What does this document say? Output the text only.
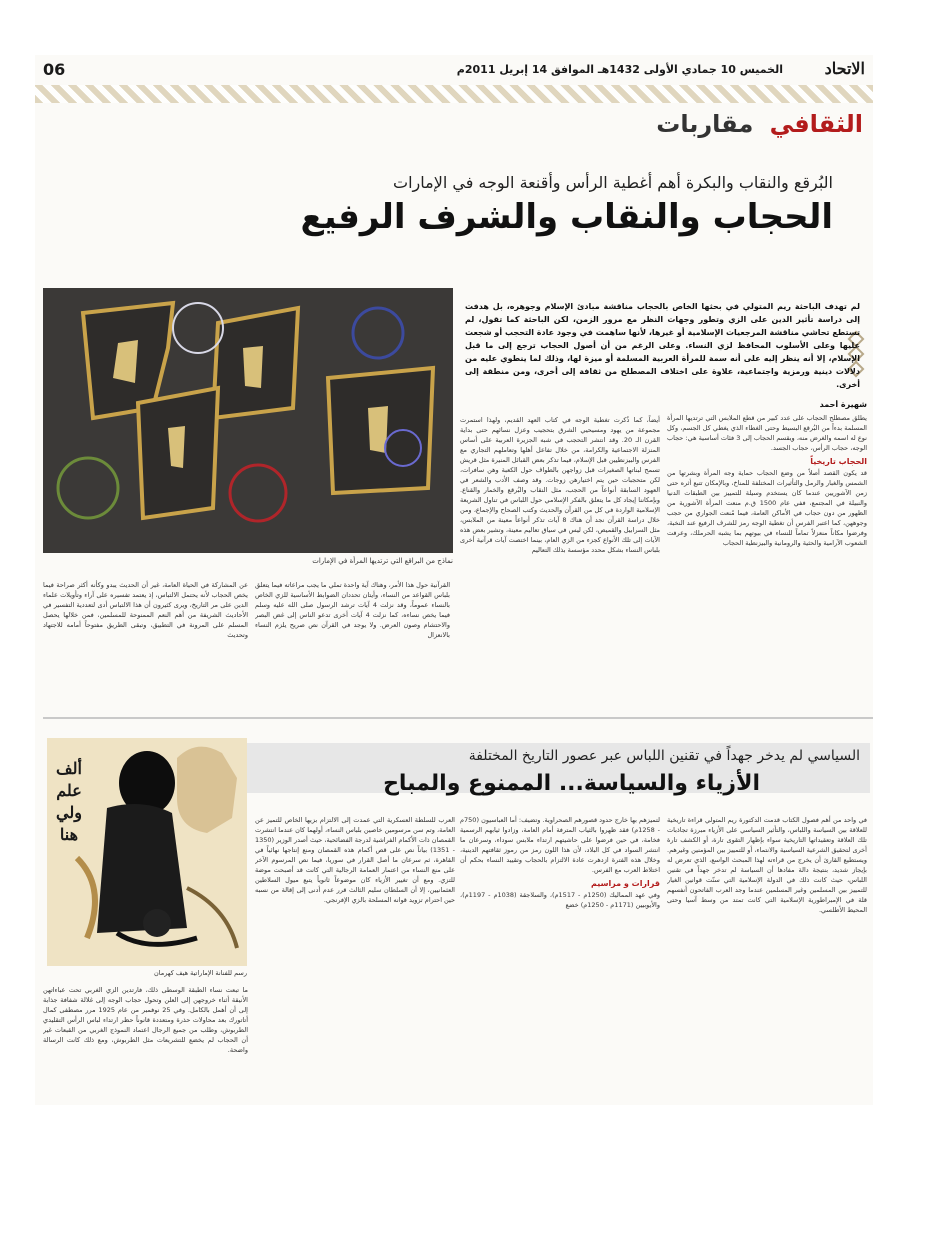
06	الخميس 10 جمادي الأولى 1432هـ الموافق 14 إبريل 2011م	الاتحاد
الثقافي مقاربات
البُرقع والنقاب والبكرة أهم أغطية الرأس وأقنعة الوجه في الإمارات
الحجاب والنقاب والشرف الرفيع
نماذج من البراقع التي ترتديها المرأة في الإمارات
لم تهدف الباحثة ريم المتولي في بحثها الخاص بالحجاب مناقشة مبادئ الإسلام وجوهره، بل هدفت إلى دراسة تأثير الدين على الزي وتطور وجهات النظر مع مرور الزمن، لكن الباحثة كما تقول، لم تستطع تحاشي مناقشة المرجعيات الإسلامية أو غيرها، لأنها ساهمت في وجود عادة التحجب أو شجعت عليها وعلى الأسلوب المحافظ لزي النساء. وعلى الرغم من أن أصول الحجاب ترجع إلى ما قبل الإسلام، إلا أنه ينظر إليه على أنه سمة للمرأة العربية المسلمة أو ميزة لها، وذلك لما ينطوي عليه من دلالات دينية ورمزية واجتماعية، علاوة على اختلاف المصطلح من ثقافة إلى أخرى، ومن منطقة إلى أخرى.
شهيرة أحمد
يطلق مصطلح الحجاب على عدد كبير من قطع الملابس التي ترتديها المرأة المسلمة بدءاً من البُرقع البسيط وحتى الغطاء الذي يغطي كل الجسم، وكل نوع له اسمه والغرض منه، ويقسم الحجاب إلى 3 فئات أساسية هي: حجاب الوجه، حجاب الرأس، حجاب الجسد.
الحجاب تاريخياً
قد يكون القصد أصلاً من وضع الحجاب حماية وجه المرأة وبشرتها من الشمس والغبار والرمل والتأثيرات المختلفة للمناخ، وبالإمكان تتبع أثره حتى زمن الآشوريين عندما كان يستخدم وسيلة للتمييز بين الطبقات الدنيا والنبيلة في المجتمع، ففي عام 1500 ق.م منعت المرأة الآشورية من الظهور من دون حجاب في الأماكن العامة، فيما مُنعت الجواري من حجب وجوههن، كما اعتبر الفرس أن تغطية الوجه رمز للشرف الرفيع عند النخبة، وفرضوا مكاناً منعزلاً تماماً للنساء في بيوتهم بما يشبه الحرملك، وعرفت الشعوب الآرامية والحثية والرومانية والبيزنطية الحجاب
أيضاً، كما ذُكرت تغطية الوجه في كتاب العهد القديم، ولهذا استمرت مجموعة من يهود ومسيحيي الشرق بتحجيب وعزل نسائهم حتى بداية القرن الـ 20. وقد انتشر التحجب في شبه الجزيرة العربية على أساس المنزلة الاجتماعية والكرامة، من خلال تفاعل أهلها وتعاملهم التجاري مع الفرس والبيزنطيين قبل الإسلام، فيما تذكر بعض القبائل المنيرة مثل قريش تسمح لبناتها الصغيرات قبل زواجهن بالطواف حول الكعبة وهن سافرات، لكن متحجبات حين يتم اختيارهن زوجات. وقد وصف الأدب والشعر في العهود السابقة أنواعاً من الحجب، مثل النقاب والبُرقع والخمار والقناع. وبإمكاننا إيجاد كل ما يتعلق بالفكر الإسلامي حول اللباس في تناول الشريعة الإسلامية الواردة في كل من القرآن والحديث وكتب الصحاح والإجماع، ومن خلال دراسة القرآن نجد أن هناك 8 آيات تذكر أنواعاً معينة من الملابس، مثل السرابيل والقميص، لكن ليس في سياق تعاليم معينة، وتشير بعض هذه الآيات إلى تلك الأنواع كجزء من الزي العام، بينما اختصت آيات قرآنية أخرى بلباس النساء بشكل محدد مؤسسة بذلك التعاليم
القرآنية حول هذا الأمر، وهناك آية واحدة تملي ما يجب مراعاته فيما يتعلق بلباس القواعد من النساء، وأيتان تحددان الضوابط الأساسية للزي الخاص بالنساء عموماً، وقد نزلت 4 آيات ترشد الرسول صلى الله عليه وسلم فيما يخص نساءه، كما نزلت 4 آيات أخرى تدعو الناس إلى غض البصر والاحتشام وصون العرض. ولا يوجد في القرآن نص صريح يلزم النساء بالانعزال
عن المشاركة في الحياة العامة، غير أن الحديث يبدو وكأنه أكثر صراحة فيما يخص الحجاب لأنه يحتمل الالتباس، إذ يعتمد تفسيره على آراء وتأويلات علماء الدين على مر التاريخ، ويرى كثيرون أن هذا الالتباس أدى لتعددية التفسير في الأحاديث الشريفة من أهم النعم الممنوحة للمسلمين، فمن خلالها يحصل المسلم على المرونة في التطبيق، وتبقى الطريق مفتوحاً أمامه للاجتهاد وتحديث
السياسي لم يدخر جهداً في تقنين اللباس عبر عصور التاريخ المختلفة
الأزياء والسياسة... الممنوع والمباح
ألف علم ولي هنا
رسم للفنانة الإماراتية هيف كهرمان
في واحد من أهم فصول الكتاب قدمت الدكتورة ريم المتولي قراءة تاريخية للعلاقة بين السياسة واللباس، والتأثير السياسي على الأزياء مبرزة تجاذبات تلك العلاقة وتعقيداتها التاريخية سواء بإظهار التقوى تارة، أو الكشف تارة أخرى لتحقيق الشرعية السياسية والانتماء، أو للتمييز بين المؤمنين وغيرهم. ويستطيع القارئ أن يخرج من قراءته لهذا المبحث الواسع، الذي تعرض له بإيجاز شديد، بنتيجة دالة مفادها أن السياسة لم تدخر جهداً في تقنين اللباس، حيث كانت ذلك في الدولة الإسلامية التي سنّت قوانين الغيار للتمييز بين المسلمين وغير المسلمين عندما وجد العرب الفاتحون أنفسهم قلة في الإمبراطورية الإسلامية التي كانت تمتد من وسط آسيا وحتى المحيط الأطلسي.
لتميزهم بها خارج حدود قصورهم الصحراوية. وتضيف: أما العباسيون (750م - 1258م) فقد ظهروا بالثياب المترفة أمام العامة، وزادوا ثيابهم الرسمية فخامة، في حين فرضوا على حاشيتهم ارتداء ملابس سوداء، وسرعان ما انتشر السواد في كل البلاد، لأن هذا اللون رمز من رموز ثقافتهم الدينية، وخلال هذه الفترة ازدهرت عادة الالتزام بالحجاب وتقييد النساء بحكم أن اختلاط العرب مع الفرس.
قرارات و مراسيم
وفي عهد المماليك (1250م - 1517م)، والسلاجقة (1038م - 1197م)، والأيوبيين (1171م - 1250م) خضع
العرب للسلطة العسكرية التي عمدت إلى الالتزام بزيها الخاص للتميز عن العامة، وتم سن مرسومين خاصين بلباس النساء، أولهما كان عندما انتشرت القمصان ذات الأكمام الفراشية لدرجة الفضائحية، حيث أصدر الوزير (1350 - 1351) بياناً نص على قص أكمام هذه القمصان ومنع إنتاجها نهائياً في القاهرة، ثم سرعان ما أصل القرار في سوريا، فيما نص المرسوم الآخر على منع النساء من اعتمار العمامة الرجالية التي كانت قد أصبحت موضة للتزي. ومع أن تغيير الأزياء كان موضوعاً ثانوياً يتبع ميول السلاطين العثمانيين، إلا أن السلطان سليم الثالث قرر عدم أدنى إلى إقالة من نسبه حين احترام تزويد قوانه المسلحة بالزي الإفرنجي.
ما تبعت نساء الطبقة الوسطى ذلك، فارتدين الزي الغربي تحت عباءاتهن الأنيقة أثناء خروجهن إلى العلن وتحول حجاب الوجه إلى غلالة شفافة جذابة إلى أن أهمل بالكامل. وفي 25 نوفمبر من عام 1925 مرر مصطفى كمال أتاتورك بعد محاولات حذرة ومتعددة قانوناً حظر ارتداء لباس الرأس التقليدي الطربوش، وطلب من جميع الرجال اعتماد النموذج الغربي من القبعات غير أن الحجاب لم يخضع للتشريعات مثل الطربوش، ومع ذلك كانت الرسالة واضحة.
